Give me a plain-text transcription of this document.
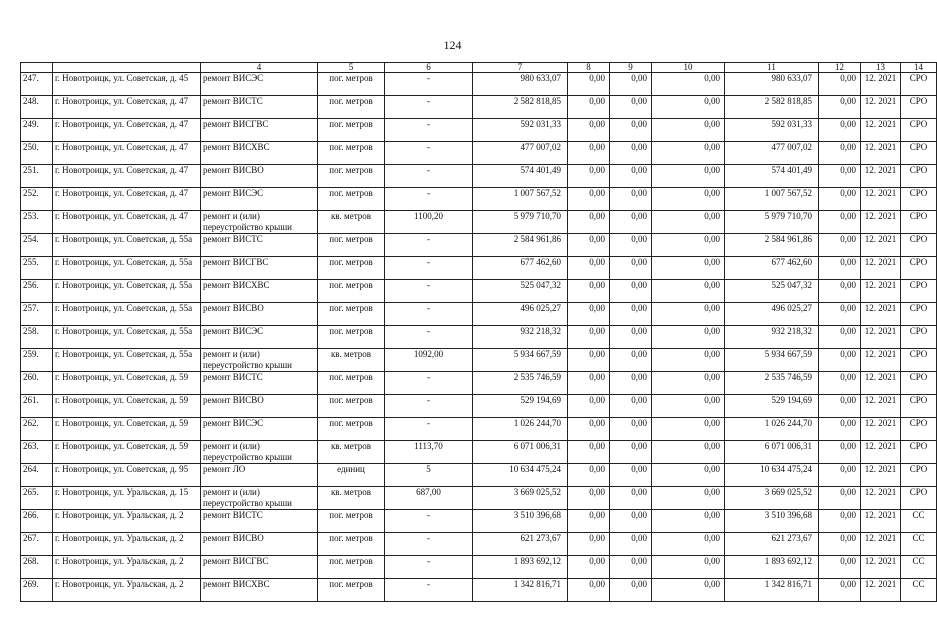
124
		4	5	6	7	8	9	10	11	12	13	14
247.	г. Новотроицк, ул. Советская, д. 45	ремонт ВИСЭС	пог. метров	-	980 633,07	0,00	0,00	0,00	980 633,07	0,00	12. 2021	СРО
248.	г. Новотроицк, ул. Советская, д. 47	ремонт ВИСТС	пог. метров	-	2 582 818,85	0,00	0,00	0,00	2 582 818,85	0,00	12. 2021	СРО
249.	г. Новотроицк, ул. Советская, д. 47	ремонт ВИСГВС	пог. метров	-	592 031,33	0,00	0,00	0,00	592 031,33	0,00	12. 2021	СРО
250.	г. Новотроицк, ул. Советская, д. 47	ремонт ВИСХВС	пог. метров	-	477 007,02	0,00	0,00	0,00	477 007,02	0,00	12. 2021	СРО
251.	г. Новотроицк, ул. Советская, д. 47	ремонт ВИСВО	пог. метров	-	574 401,49	0,00	0,00	0,00	574 401,49	0,00	12. 2021	СРО
252.	г. Новотроицк, ул. Советская, д. 47	ремонт ВИСЭС	пог. метров	-	1 007 567,52	0,00	0,00	0,00	1 007 567,52	0,00	12. 2021	СРО
253.	г. Новотроицк, ул. Советская, д. 47	ремонт и (или) переустройство крыши	кв. метров	1100,20	5 979 710,70	0,00	0,00	0,00	5 979 710,70	0,00	12. 2021	СРО
254.	г. Новотроицк, ул. Советская, д. 55а	ремонт ВИСТС	пог. метров	-	2 584 961,86	0,00	0,00	0,00	2 584 961,86	0,00	12. 2021	СРО
255.	г. Новотроицк, ул. Советская, д. 55а	ремонт ВИСГВС	пог. метров	-	677 462,60	0,00	0,00	0,00	677 462,60	0,00	12. 2021	СРО
256.	г. Новотроицк, ул. Советская, д. 55а	ремонт ВИСХВС	пог. метров	-	525 047,32	0,00	0,00	0,00	525 047,32	0,00	12. 2021	СРО
257.	г. Новотроицк, ул. Советская, д. 55а	ремонт ВИСВО	пог. метров	-	496 025,27	0,00	0,00	0,00	496 025,27	0,00	12. 2021	СРО
258.	г. Новотроицк, ул. Советская, д. 55а	ремонт ВИСЭС	пог. метров	-	932 218,32	0,00	0,00	0,00	932 218,32	0,00	12. 2021	СРО
259.	г. Новотроицк, ул. Советская, д. 55а	ремонт и (или) переустройство крыши	кв. метров	1092,00	5 934 667,59	0,00	0,00	0,00	5 934 667,59	0,00	12. 2021	СРО
260.	г. Новотроицк, ул. Советская, д. 59	ремонт ВИСТС	пог. метров	-	2 535 746,59	0,00	0,00	0,00	2 535 746,59	0,00	12. 2021	СРО
261.	г. Новотроицк, ул. Советская, д. 59	ремонт ВИСВО	пог. метров	-	529 194,69	0,00	0,00	0,00	529 194,69	0,00	12. 2021	СРО
262.	г. Новотроицк, ул. Советская, д. 59	ремонт ВИСЭС	пог. метров	-	1 026 244,70	0,00	0,00	0,00	1 026 244,70	0,00	12. 2021	СРО
263.	г. Новотроицк, ул. Советская, д. 59	ремонт и (или) переустройство крыши	кв. метров	1113,70	6 071 006,31	0,00	0,00	0,00	6 071 006,31	0,00	12. 2021	СРО
264.	г. Новотроицк, ул. Советская, д. 95	ремонт ЛО	единиц	5	10 634 475,24	0,00	0,00	0,00	10 634 475,24	0,00	12. 2021	СРО
265.	г. Новотроицк, ул. Уральская, д. 15	ремонт и (или) переустройство крыши	кв. метров	687,00	3 669 025,52	0,00	0,00	0,00	3 669 025,52	0,00	12. 2021	СРО
266.	г. Новотроицк, ул. Уральская, д. 2	ремонт ВИСТС	пог. метров	-	3 510 396,68	0,00	0,00	0,00	3 510 396,68	0,00	12. 2021	СС
267.	г. Новотроицк, ул. Уральская, д. 2	ремонт ВИСВО	пог. метров	-	621 273,67	0,00	0,00	0,00	621 273,67	0,00	12. 2021	СС
268.	г. Новотроицк, ул. Уральская, д. 2	ремонт ВИСГВС	пог. метров	-	1 893 692,12	0,00	0,00	0,00	1 893 692,12	0,00	12. 2021	СС
269.	г. Новотроицк, ул. Уральская, д. 2	ремонт ВИСХВС	пог. метров	-	1 342 816,71	0,00	0,00	0,00	1 342 816,71	0,00	12. 2021	СС
